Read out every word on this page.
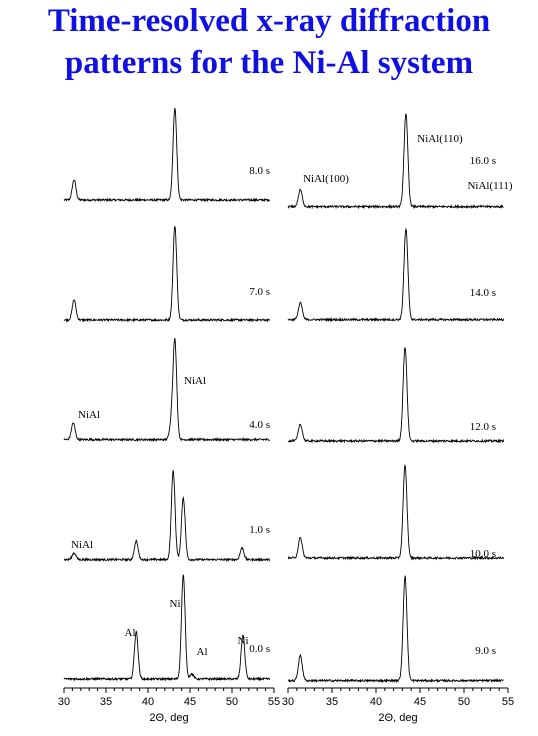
Time-resolved x-ray diffraction
patterns for the Ni-Al system
30	35	40	45	50	55
2Θ, deg
8.0 s
7.0 s
4.0 s
1.0 s
0.0 s
NiAl
NiAl
NiAl
Al
Ni
Al
Ni
30	35	40	45	50	55
2Θ, deg
16.0 s
14.0 s
12.0 s
10.0 s
9.0 s
NiAl(100)
NiAl(110)
NiAl(111)
